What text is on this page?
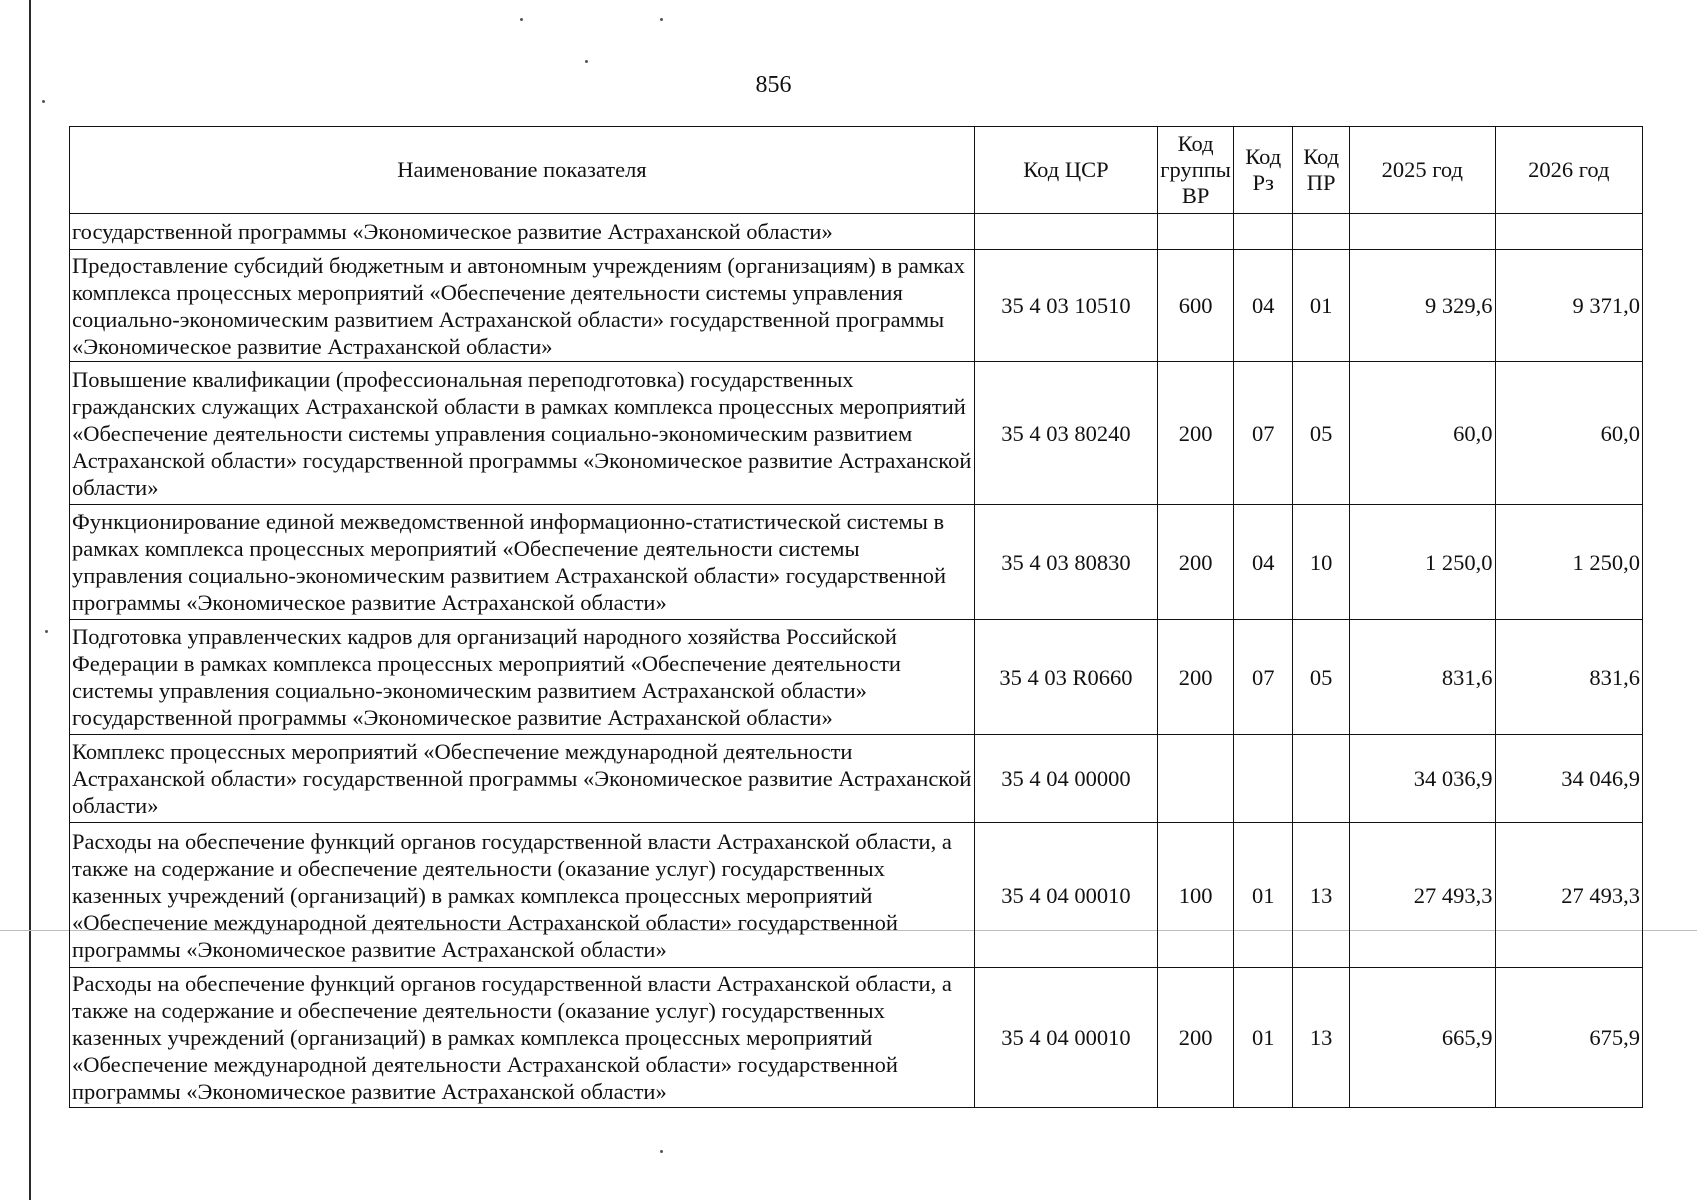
856
Наименование показателя	Код ЦСР	Код группы ВР	Код Рз	Код ПР	2025 год	2026 год
государственной программы «Экономическое развитие Астраханской области»						
Предоставление субсидий бюджетным и автономным учреждениям (организациям) в рамках комплекса процессных мероприятий «Обеспечение деятельности системы управления социально-экономическим развитием Астраханской области» государственной программы «Экономическое развитие Астраханской области»	35 4 03 10510	600	04	01	9 329,6	9 371,0
Повышение квалификации (профессиональная переподготовка) государственных гражданских служащих Астраханской области в рамках комплекса процессных мероприятий «Обеспечение деятельности системы управления социально-экономическим развитием Астраханской области» государственной программы «Экономическое развитие Астраханской области»	35 4 03 80240	200	07	05	60,0	60,0
Функционирование единой межведомственной информационно-статистической системы в рамках комплекса процессных мероприятий «Обеспечение деятельности системы управления социально-экономическим развитием Астраханской области» государственной программы «Экономическое развитие Астраханской области»	35 4 03 80830	200	04	10	1 250,0	1 250,0
Подготовка управленческих кадров для организаций народного хозяйства Российской Федерации в рамках комплекса процессных мероприятий «Обеспечение деятельности системы управления социально-экономическим развитием Астраханской области» государственной программы «Экономическое развитие Астраханской области»	35 4 03 R0660	200	07	05	831,6	831,6
Комплекс процессных мероприятий «Обеспечение международной деятельности Астраханской области» государственной программы «Экономическое развитие Астраханской области»	35 4 04 00000				34 036,9	34 046,9
Расходы на обеспечение функций органов государственной власти Астраханской области, а также на содержание и обеспечение деятельности (оказание услуг) государственных казенных учреждений (организаций) в рамках комплекса процессных мероприятий «Обеспечение международной деятельности Астраханской области» государственной программы «Экономическое развитие Астраханской области»	35 4 04 00010	100	01	13	27 493,3	27 493,3
Расходы на обеспечение функций органов государственной власти Астраханской области, а также на содержание и обеспечение деятельности (оказание услуг) государственных казенных учреждений (организаций) в рамках комплекса процессных мероприятий «Обеспечение международной деятельности Астраханской области» государственной программы «Экономическое развитие Астраханской области»	35 4 04 00010	200	01	13	665,9	675,9
